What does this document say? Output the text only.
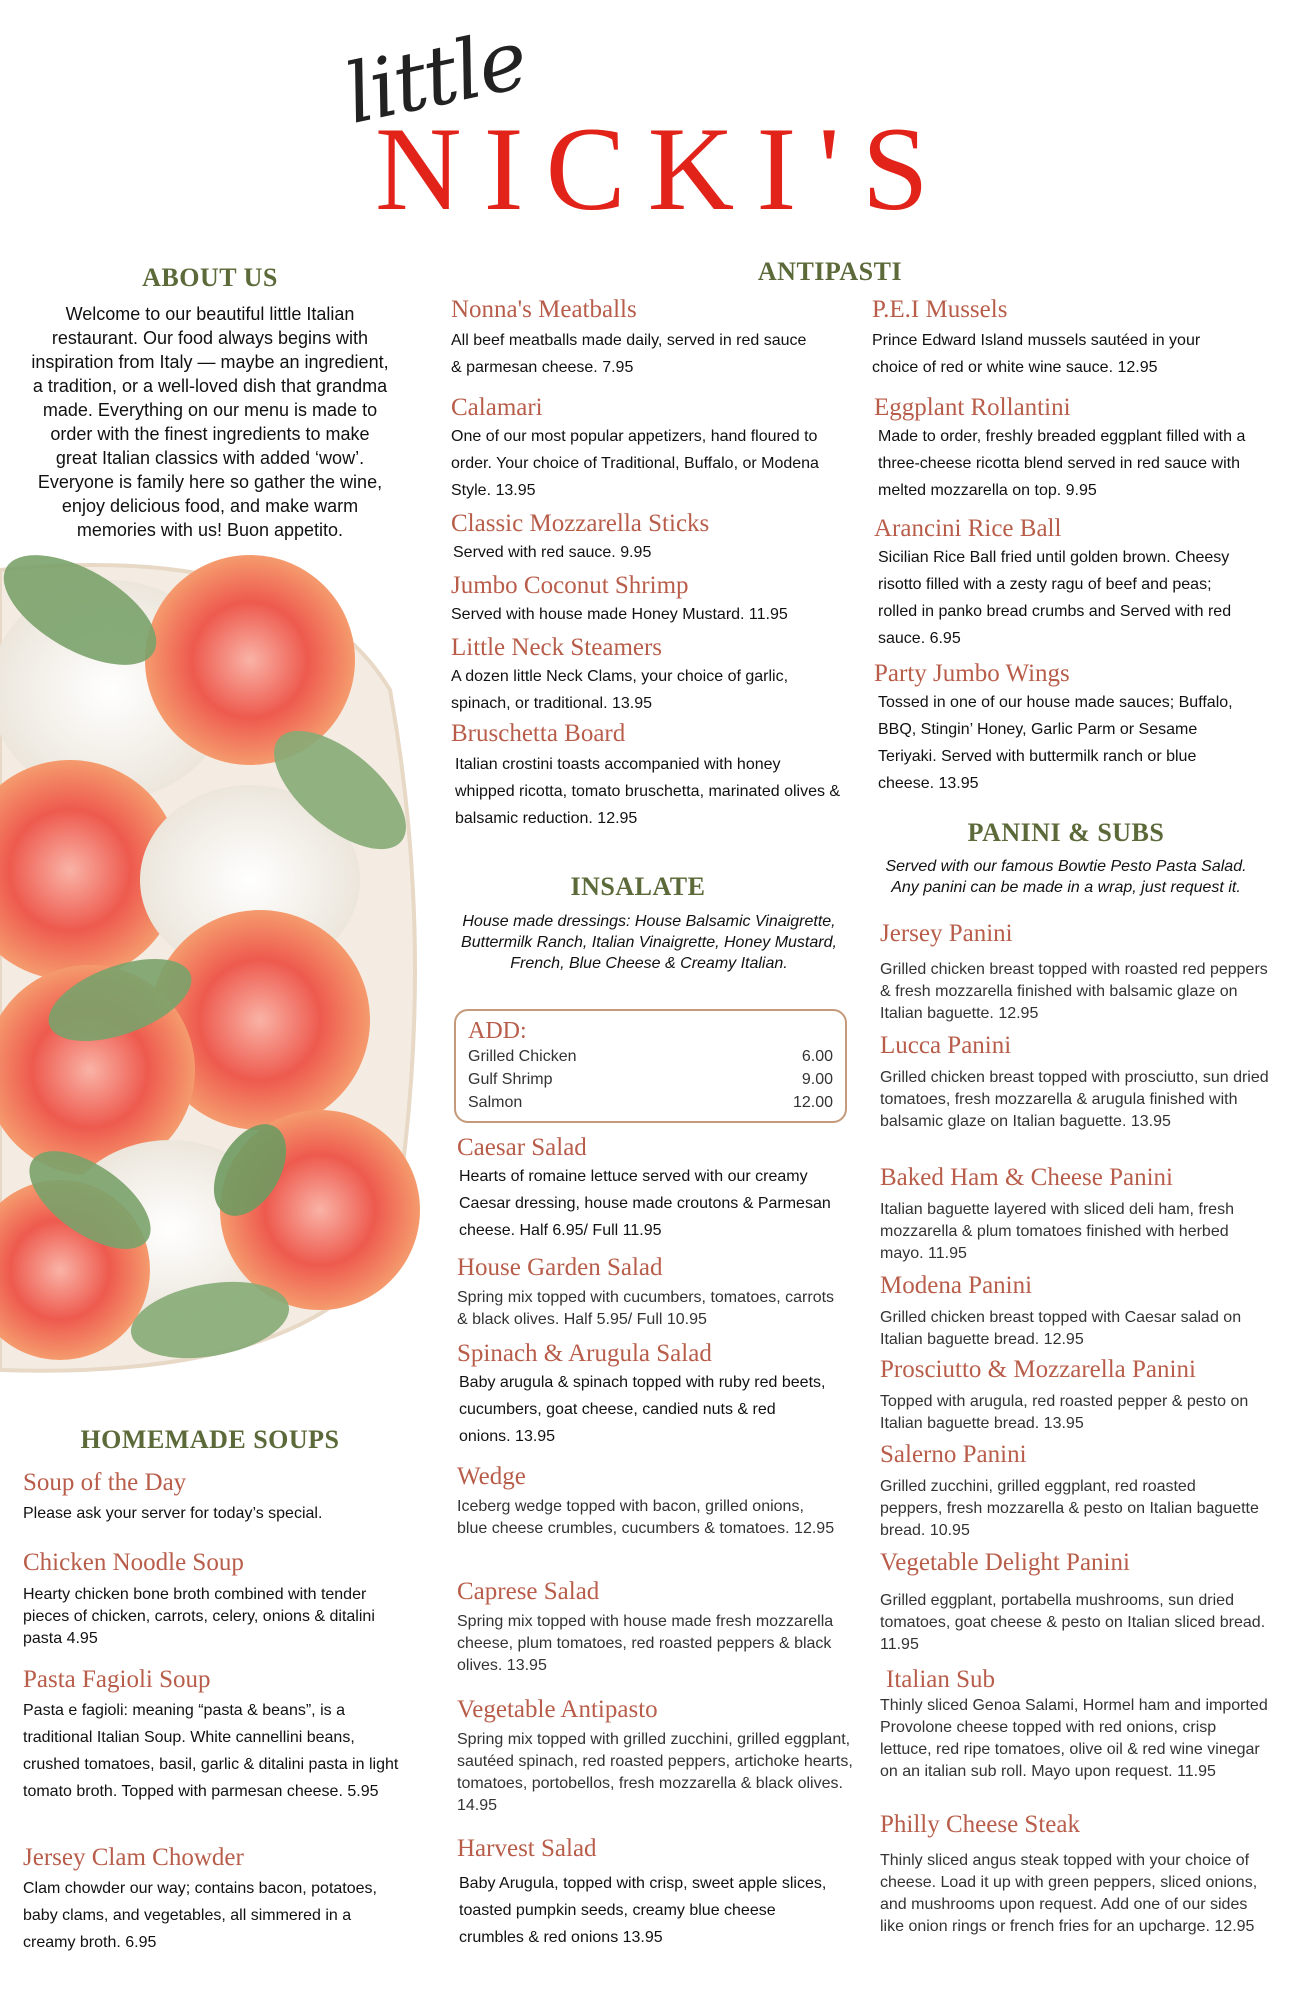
little
NICKI'S
ABOUT US
Welcome to our beautiful little Italian restaurant. Our food always begins with inspiration from Italy — maybe an ingredient, a tradition, or a well-loved dish that grandma made. Everything on our menu is made to order with the finest ingredients to make great Italian classics with added ‘wow’. Everyone is family here so gather the wine, enjoy delicious food, and make warm memories with us! Buon appetito.
HOMEMADE SOUPS
Soup of the Day
Please ask your server for today’s special.
Chicken Noodle Soup
Hearty chicken bone broth combined with tender pieces of chicken, carrots, celery, onions & ditalini pasta 4.95
Pasta Fagioli Soup
Pasta e fagioli: meaning “pasta & beans”, is a traditional Italian Soup. White cannellini beans, crushed tomatoes, basil, garlic & ditalini pasta in light tomato broth. Topped with parmesan cheese. 5.95
Jersey Clam Chowder
Clam chowder our way; contains bacon, potatoes, baby clams, and vegetables, all simmered in a creamy broth. 6.95
ANTIPASTI
Nonna's Meatballs
All beef meatballs made daily, served in red sauce & parmesan cheese. 7.95
Calamari
One of our most popular appetizers, hand floured to order. Your choice of Traditional, Buffalo, or Modena Style. 13.95
Classic Mozzarella Sticks
Served with red sauce. 9.95
Jumbo Coconut Shrimp
Served with house made Honey Mustard. 11.95
Little Neck Steamers
A dozen little Neck Clams, your choice of garlic, spinach, or traditional. 13.95
Bruschetta Board
Italian crostini toasts accompanied with honey whipped ricotta, tomato bruschetta, marinated olives & balsamic reduction. 12.95
P.E.I Mussels
Prince Edward Island mussels sautéed in your choice of red or white wine sauce. 12.95
Eggplant Rollantini
Made to order, freshly breaded eggplant filled with a three-cheese ricotta blend served in red sauce with melted mozzarella on top. 9.95
Arancini Rice Ball
Sicilian Rice Ball fried until golden brown. Cheesy risotto filled with a zesty ragu of beef and peas; rolled in panko bread crumbs and Served with red sauce. 6.95
Party Jumbo Wings
Tossed in one of our house made sauces; Buffalo, BBQ, Stingin’ Honey, Garlic Parm or Sesame Teriyaki. Served with buttermilk ranch or blue cheese. 13.95
INSALATE
House made dressings: House Balsamic Vinaigrette, Buttermilk Ranch, Italian Vinaigrette, Honey Mustard, French, Blue Cheese & Creamy Italian.
ADD:
Grilled Chicken	6.00
Gulf Shrimp	9.00
Salmon	12.00
Caesar Salad
Hearts of romaine lettuce served with our creamy Caesar dressing, house made croutons & Parmesan cheese. Half 6.95/ Full 11.95
House Garden Salad
Spring mix topped with cucumbers, tomatoes, carrots & black olives. Half 5.95/ Full 10.95
Spinach & Arugula Salad
Baby arugula & spinach topped with ruby red beets, cucumbers, goat cheese, candied nuts & red onions. 13.95
Wedge
Iceberg wedge topped with bacon, grilled onions, blue cheese crumbles, cucumbers & tomatoes. 12.95
Caprese Salad
Spring mix topped with house made fresh mozzarella cheese, plum tomatoes, red roasted peppers & black olives. 13.95
Vegetable Antipasto
Spring mix topped with grilled zucchini, grilled eggplant, sautéed spinach, red roasted peppers, artichoke hearts, tomatoes, portobellos, fresh mozzarella & black olives. 14.95
Harvest Salad
Baby Arugula, topped with crisp, sweet apple slices, toasted pumpkin seeds, creamy blue cheese crumbles & red onions 13.95
PANINI & SUBS
Served with our famous Bowtie Pesto Pasta Salad. Any panini can be made in a wrap, just request it.
Jersey Panini
Grilled chicken breast topped with roasted red peppers & fresh mozzarella finished with balsamic glaze on Italian baguette. 12.95
Lucca Panini
Grilled chicken breast topped with prosciutto, sun dried tomatoes, fresh mozzarella & arugula finished with balsamic glaze on Italian baguette. 13.95
Baked Ham & Cheese Panini
Italian baguette layered with sliced deli ham, fresh mozzarella & plum tomatoes finished with herbed mayo. 11.95
Modena Panini
Grilled chicken breast topped with Caesar salad on Italian baguette bread. 12.95
Prosciutto & Mozzarella Panini
Topped with arugula, red roasted pepper & pesto on Italian baguette bread. 13.95
Salerno Panini
Grilled zucchini, grilled eggplant, red roasted peppers, fresh mozzarella & pesto on Italian baguette bread. 10.95
Vegetable Delight Panini
Grilled eggplant, portabella mushrooms, sun dried tomatoes, goat cheese & pesto on Italian sliced bread. 11.95
Italian Sub
Thinly sliced Genoa Salami, Hormel ham and imported Provolone cheese topped with red onions, crisp lettuce, red ripe tomatoes, olive oil & red wine vinegar on an italian sub roll. Mayo upon request. 11.95
Philly Cheese Steak
Thinly sliced angus steak topped with your choice of cheese. Load it up with green peppers, sliced onions, and mushrooms upon request. Add one of our sides like onion rings or french fries for an upcharge. 12.95
